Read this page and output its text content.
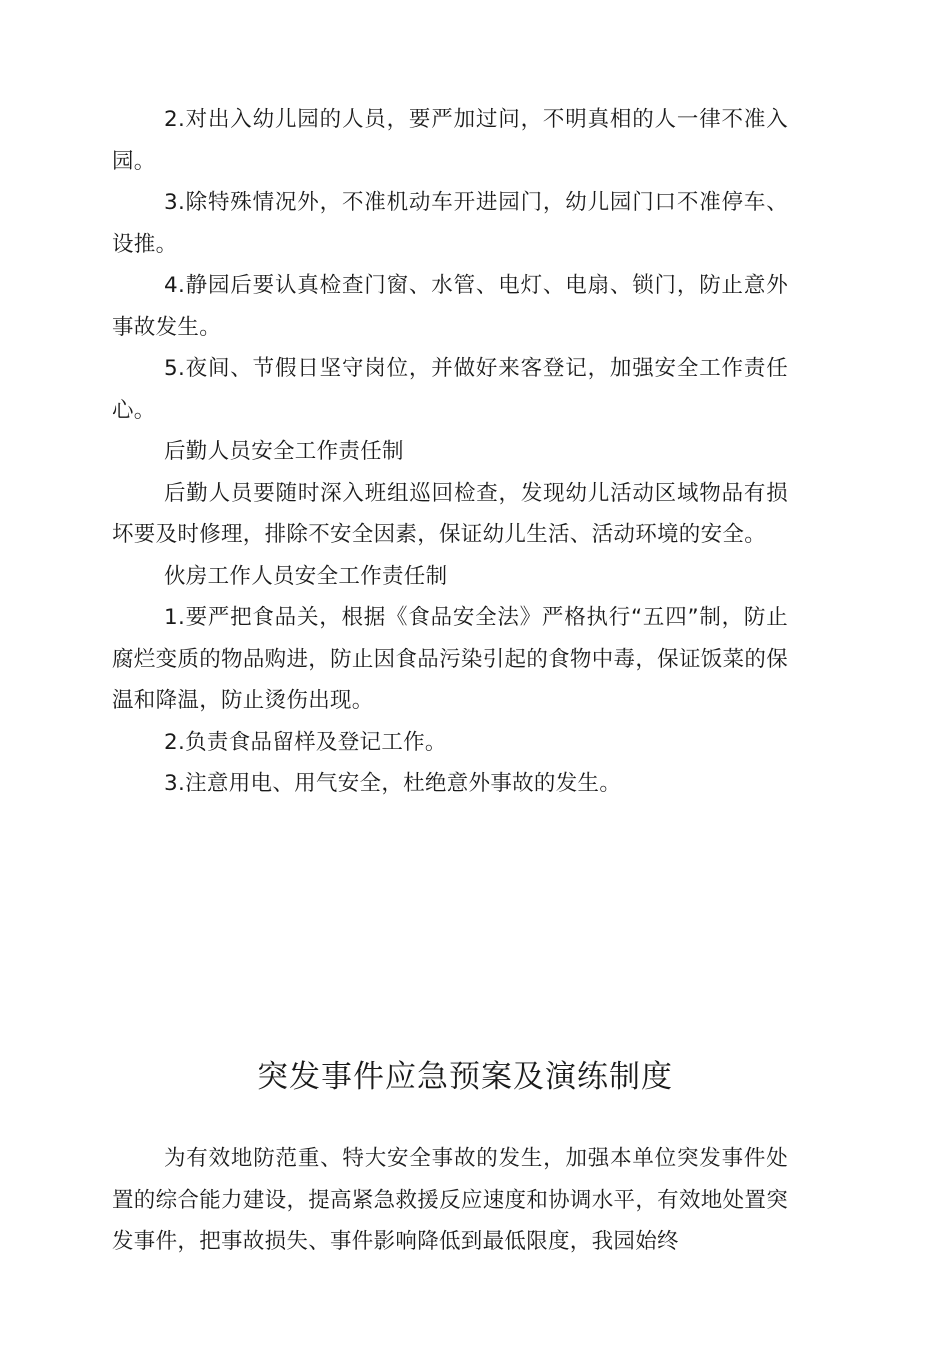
2.对出入幼儿园的人员，要严加过问，不明真相的人一律不准入园。

3.除特殊情况外，不准机动车开进园门，幼儿园门口不准停车、设推。

4.静园后要认真检查门窗、水管、电灯、电扇、锁门，防止意外事故发生。

5.夜间、节假日坚守岗位，并做好来客登记，加强安全工作责任心。

后勤人员安全工作责任制

后勤人员要随时深入班组巡回检查，发现幼儿活动区域物品有损坏要及时修理，排除不安全因素，保证幼儿生活、活动环境的安全。

伙房工作人员安全工作责任制

1.要严把食品关，根据《食品安全法》严格执行“五四”制，防止腐烂变质的物品购进，防止因食品污染引起的食物中毒，保证饭菜的保温和降温，防止烫伤出现。

2.负责食品留样及登记工作。

3.注意用电、用气安全，杜绝意外事故的发生。

突发事件应急预案及演练制度

为有效地防范重、特大安全事故的发生，加强本单位突发事件处置的综合能力建设，提高紧急救援反应速度和协调水平，有效地处置突发事件，把事故损失、事件影响降低到最低限度，我园始终
